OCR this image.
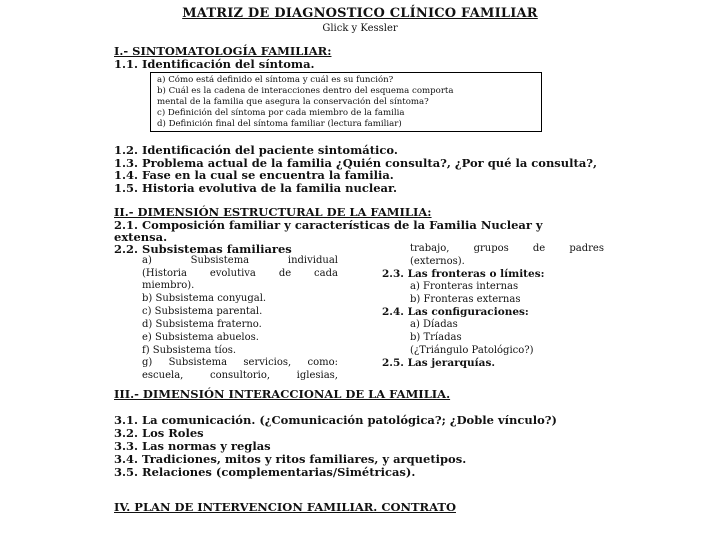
MATRIZ DE DIAGNOSTICO CLÍNICO FAMILIAR
Glick y Kessler
I.- SINTOMATOLOGÍA FAMILIAR:
1.1. Identificación del síntoma.
a) Cómo está definido el síntoma y cuál es su función?
b) Cuál es la cadena de interacciones dentro del esquema comporta
mental de la familia que asegura la conservación del síntoma?
c) Definición del síntoma por cada miembro de la familia
d) Definición final del síntoma familiar (lectura familiar)
1.2. Identificación del paciente sintomático.
1.3. Problema actual de la familia ¿Quién consulta?, ¿Por qué la consulta?,
1.4. Fase en la cual se encuentra la familia.
1.5. Historia evolutiva de la familia nuclear.
II.- DIMENSIÓN ESTRUCTURAL DE LA FAMILIA:
2.1. Composición familiar y características de la Familia Nuclear y
extensa.
2.2. Subsistemas familiares
a)	Subsistema	individual
(Historia evolutiva de cada
miembro).
b) Subsistema conyugal.
c) Subsistema parental.
d) Subsistema fraterno.
e) Subsistema abuelos.
f) Subsistema tíos.
g) Subsistema servicios, como:
escuela,	consultorio,	iglesias,
trabajo, grupos de padres
(externos).
2.3. Las fronteras o límites:
a) Fronteras internas
b) Fronteras externas
2.4. Las configuraciones:
a) Díadas
b) Tríadas
(¿Triángulo Patológico?)
2.5. Las jerarquías.
III.- DIMENSIÓN INTERACCIONAL DE LA FAMILIA.
3.1. La comunicación. (¿Comunicación patológica?; ¿Doble vínculo?)
3.2. Los Roles
3.3. Las normas y reglas
3.4. Tradiciones, mitos y ritos familiares, y arquetipos.
3.5. Relaciones (complementarias/Simétricas).
IV. PLAN DE INTERVENCION FAMILIAR. CONTRATO
